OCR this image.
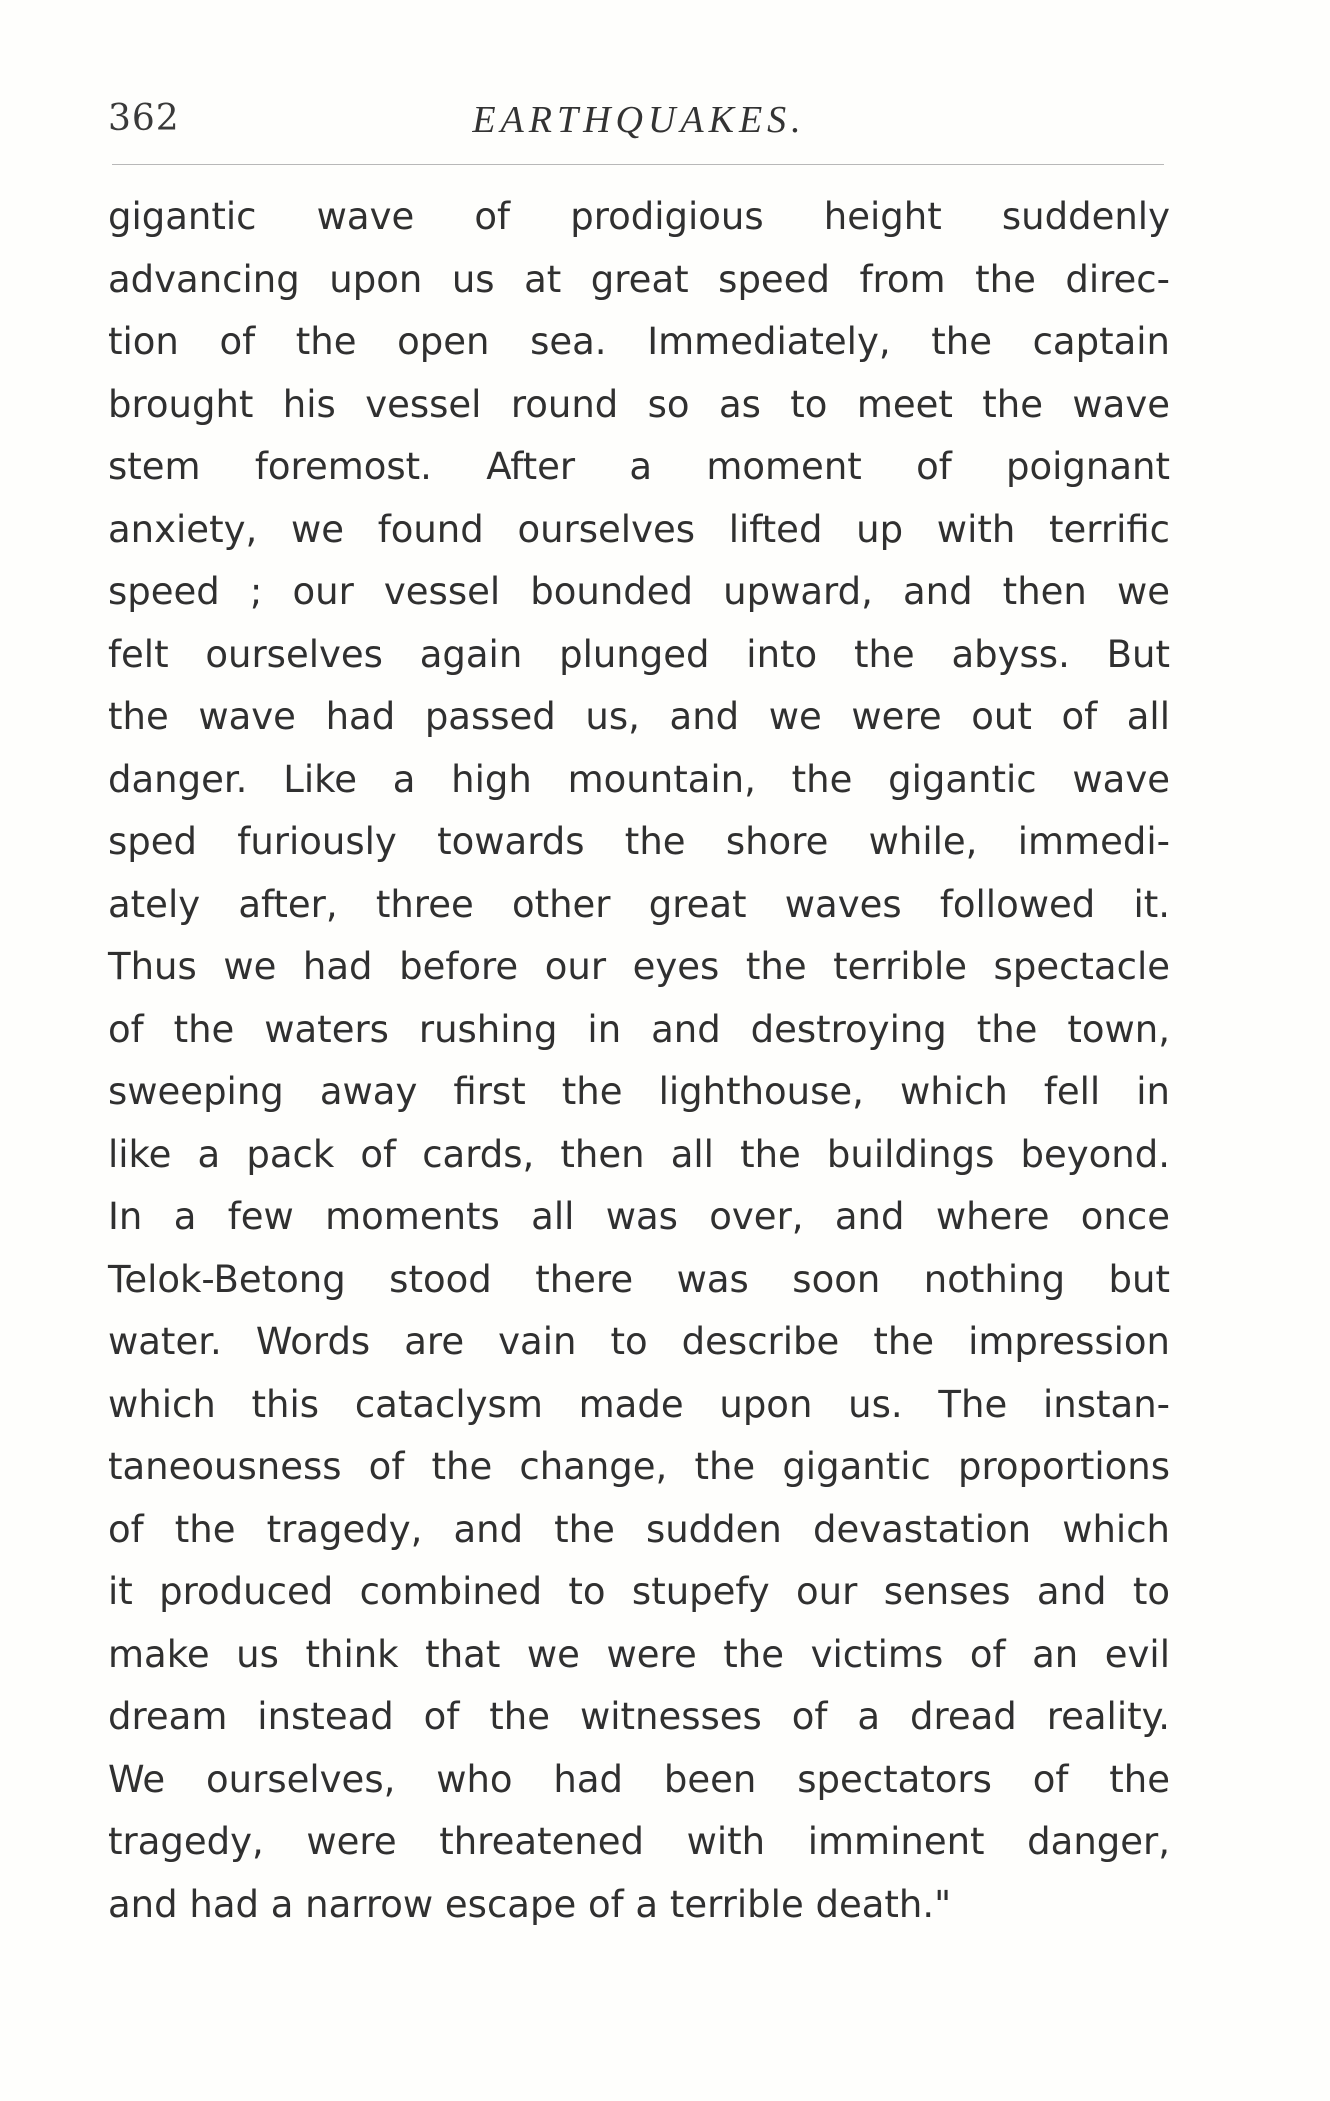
362	EARTHQUAKES.
gigantic wave of prodigious height suddenly
advancing upon us at great speed from the direc-
tion of the open sea. Immediately, the captain
brought his vessel round so as to meet the wave
stem foremost. After a moment of poignant
anxiety, we found ourselves lifted up with terrific
speed ; our vessel bounded upward, and then we
felt ourselves again plunged into the abyss. But
the wave had passed us, and we were out of all
danger. Like a high mountain, the gigantic wave
sped furiously towards the shore while, immedi-
ately after, three other great waves followed it.
Thus we had before our eyes the terrible spectacle
of the waters rushing in and destroying the town,
sweeping away first the lighthouse, which fell in
like a pack of cards, then all the buildings beyond.
In a few moments all was over, and where once
Telok-Betong stood there was soon nothing but
water. Words are vain to describe the impression
which this cataclysm made upon us. The instan-
taneousness of the change, the gigantic proportions
of the tragedy, and the sudden devastation which
it produced combined to stupefy our senses and to
make us think that we were the victims of an evil
dream instead of the witnesses of a dread reality.
We ourselves, who had been spectators of the
tragedy, were threatened with imminent danger,
and had a narrow escape of a terrible death."
